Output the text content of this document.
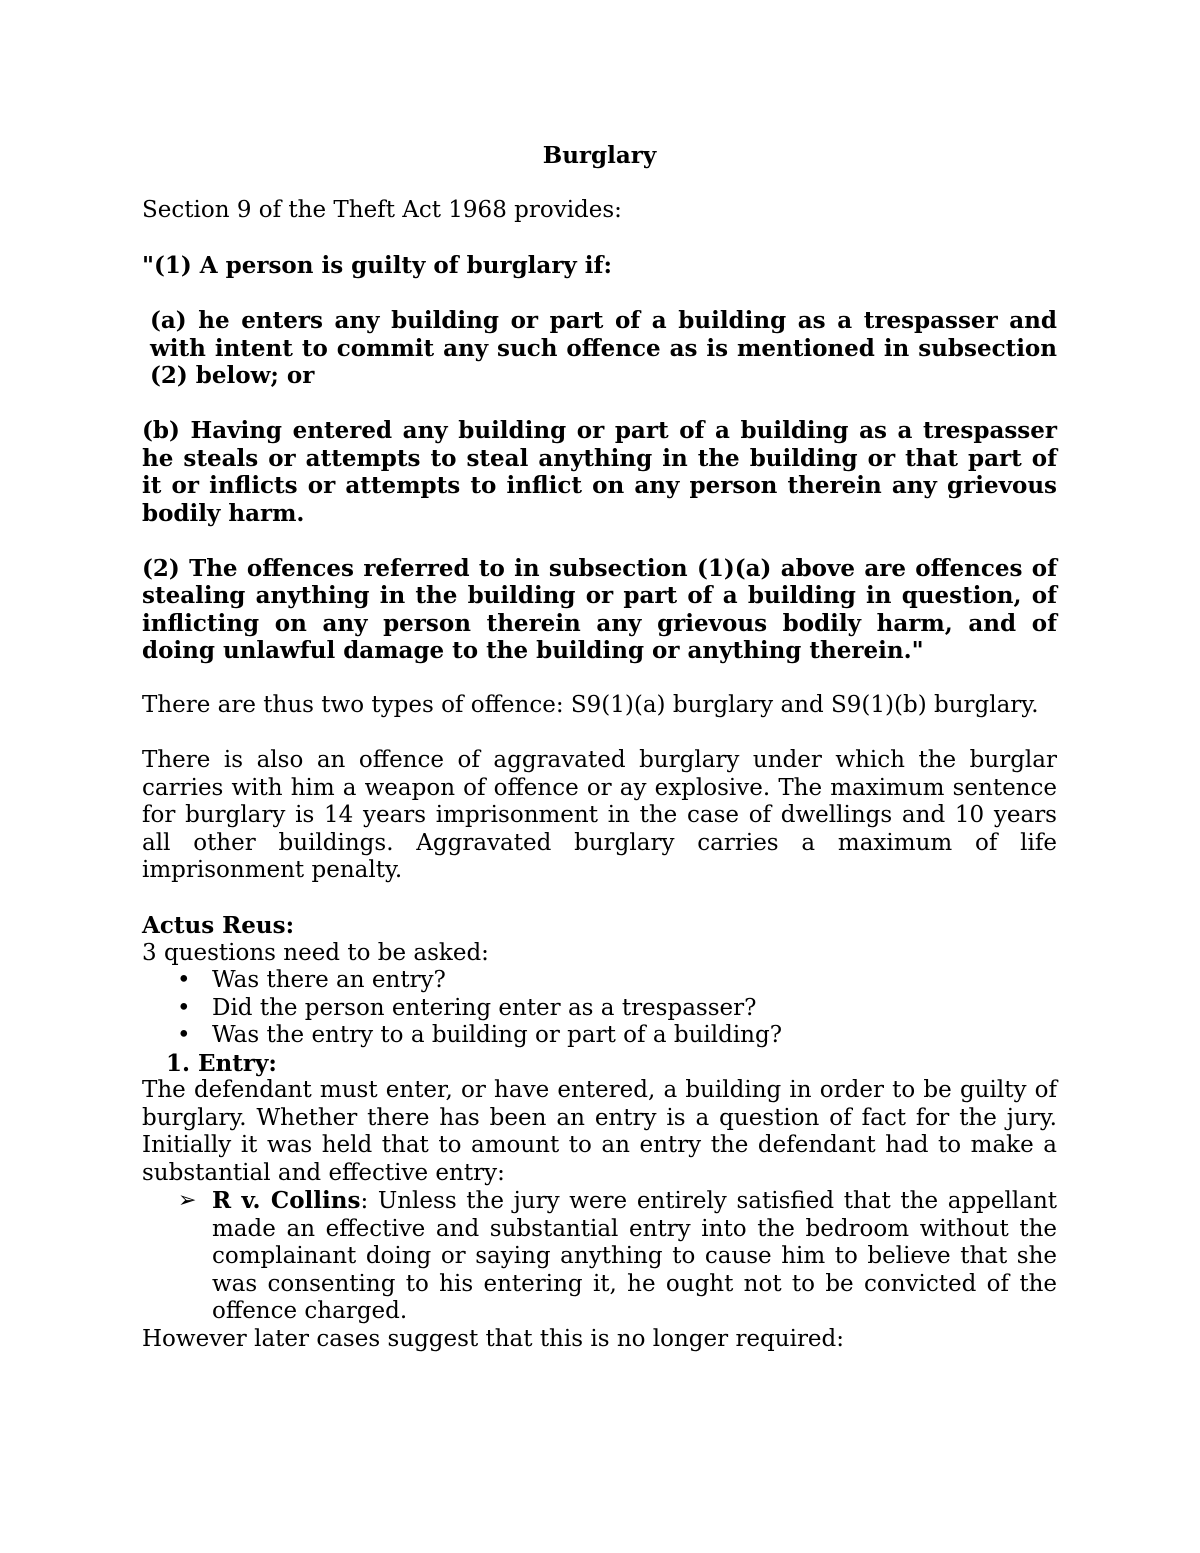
Burglary

Section 9 of the Theft Act 1968 provides:

"(1) A person is guilty of burglary if:

(a) he enters any building or part of a building as a trespasser and with intent to commit any such offence as is mentioned in subsection (2) below; or

(b) Having entered any building or part of a building as a trespasser he steals or attempts to steal anything in the building or that part of it or inflicts or attempts to inflict on any person therein any grievous bodily harm.

(2) The offences referred to in subsection (1)(a) above are offences of stealing anything in the building or part of a building in question, of inflicting on any person therein any grievous bodily harm, and of doing unlawful damage to the building or anything therein."

There are thus two types of offence: S9(1)(a) burglary and S9(1)(b) burglary.

There is also an offence of aggravated burglary under which the burglar carries with him a weapon of offence or ay explosive. The maximum sentence for burglary is 14 years imprisonment in the case of dwellings and 10 years all other buildings. Aggravated burglary carries a maximum of life imprisonment penalty.

Actus Reus:

3 questions need to be asked:

• Was there an entry?
• Did the person entering enter as a trespasser?
• Was the entry to a building or part of a building?

1. Entry:

The defendant must enter, or have entered, a building in order to be guilty of burglary. Whether there has been an entry is a question of fact for the jury. Initially it was held that to amount to an entry the defendant had to make a substantial and effective entry:

➢ R v. Collins: Unless the jury were entirely satisfied that the appellant made an effective and substantial entry into the bedroom without the complainant doing or saying anything to cause him to believe that she was consenting to his entering it, he ought not to be convicted of the offence charged.

However later cases suggest that this is no longer required:
